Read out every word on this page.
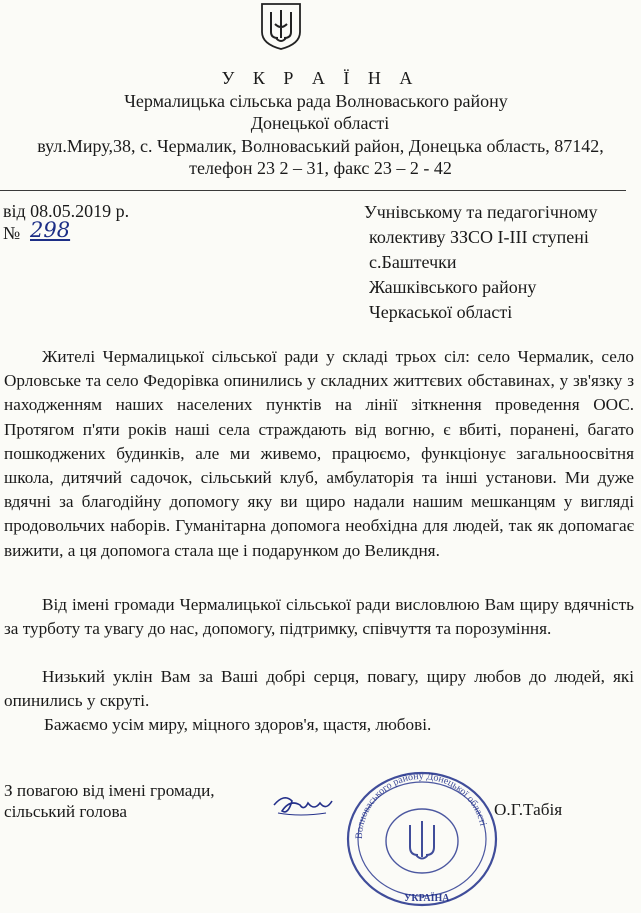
У К Р А Ї Н А
Чермалицька сільська рада Волноваського району
Донецької області
вул.Миру,38, с. Чермалик, Волноваський район, Донецька область, 87142,
телефон 23 2 – 31, факс 23 – 2 - 42
від 08.05.2019 р.
№ 298
Учнівському та педагогічному
колективу ЗЗСО І-ІІІ ступені
с.Баштечки
Жашківського району
Черкаської області
Жителі Чермалицької сільської ради у складі трьох сіл: село Чермалик, село Орловське та село Федорівка опинились у складних життєвих обставинах, у зв'язку з находженням наших населених пунктів на лінії зіткнення проведення ООС. Протягом п'яти років наші села страждають від вогню, є вбиті, поранені, багато пошкоджених будинків, але ми живемо, працюємо, функціонує загальноосвітня школа, дитячий садочок, сільський клуб, амбулаторія та інші установи. Ми дуже вдячні за благодійну допомогу яку ви щиро надали нашим мешканцям у вигляді продовольчих наборів. Гуманітарна допомога необхідна для людей, так як допомагає вижити, а ця допомога стала ще і подарунком до Великдня.
Від імені громади Чермалицької сільської ради висловлюю Вам щиру вдячність за турботу та увагу до нас, допомогу, підтримку, співчуття та порозуміння.
Низький уклін Вам за Ваші добрі серця, повагу, щиру любов до людей, які опинились у скруті.
Бажаємо усім миру, міцного здоров'я, щастя, любові.
З повагою від імені громади,
сільський голова
Волноваського району Донецької області
УКРАЇНА
О.Г.Табія
